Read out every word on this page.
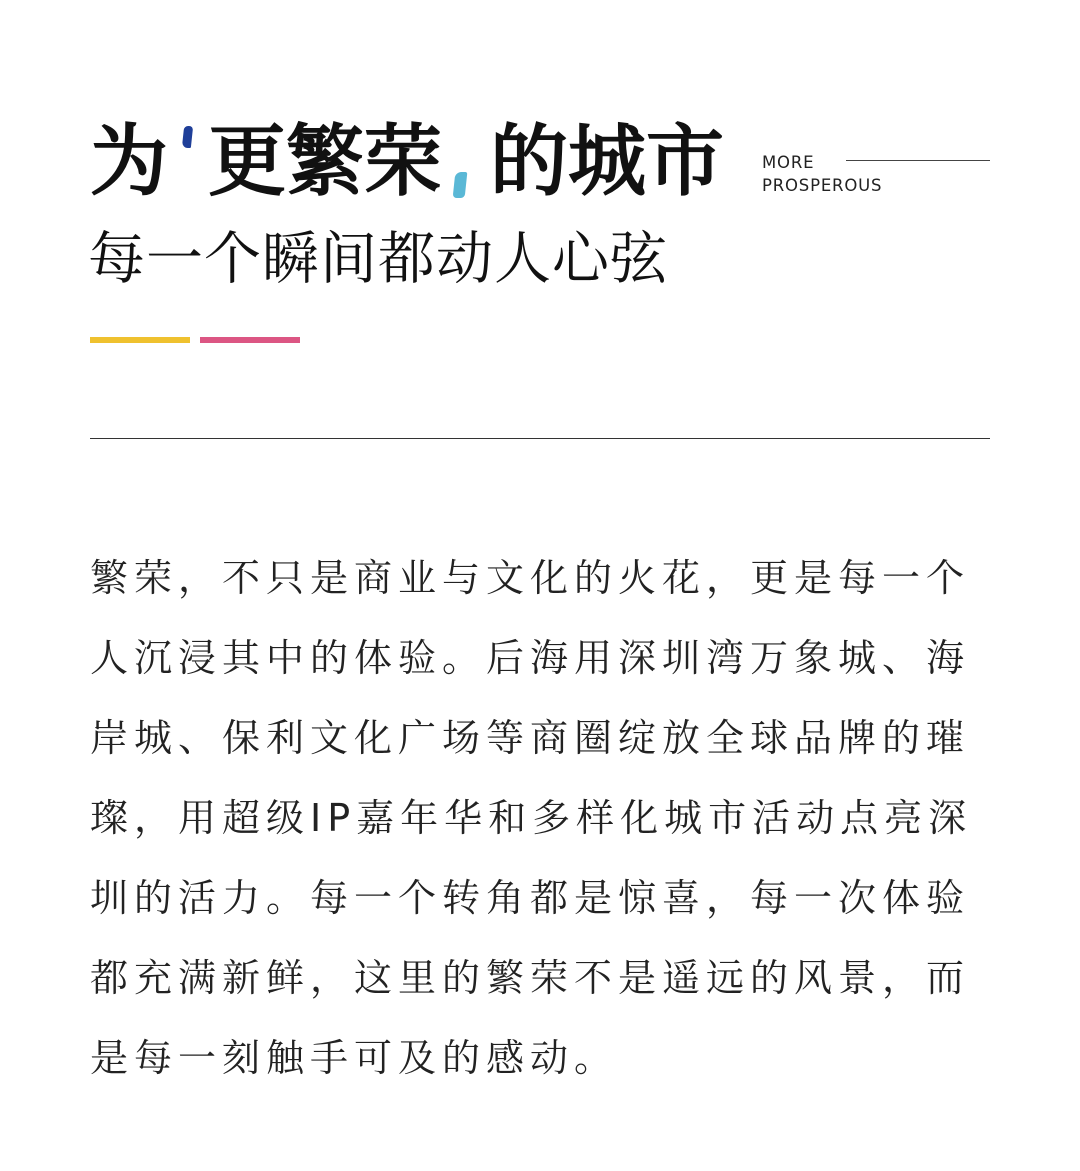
为 更繁荣 的城市 MORE
PROSPEROUS
每一个瞬间都动人心弦
繁荣，不只是商业与文化的火花，更是每一个
人沉浸其中的体验。后海用深圳湾万象城、海
岸城、保利文化广场等商圈绽放全球品牌的璀
璨，用超级IP嘉年华和多样化城市活动点亮深
圳的活力。每一个转角都是惊喜，每一次体验
都充满新鲜，这里的繁荣不是遥远的风景，而
是每一刻触手可及的感动。
